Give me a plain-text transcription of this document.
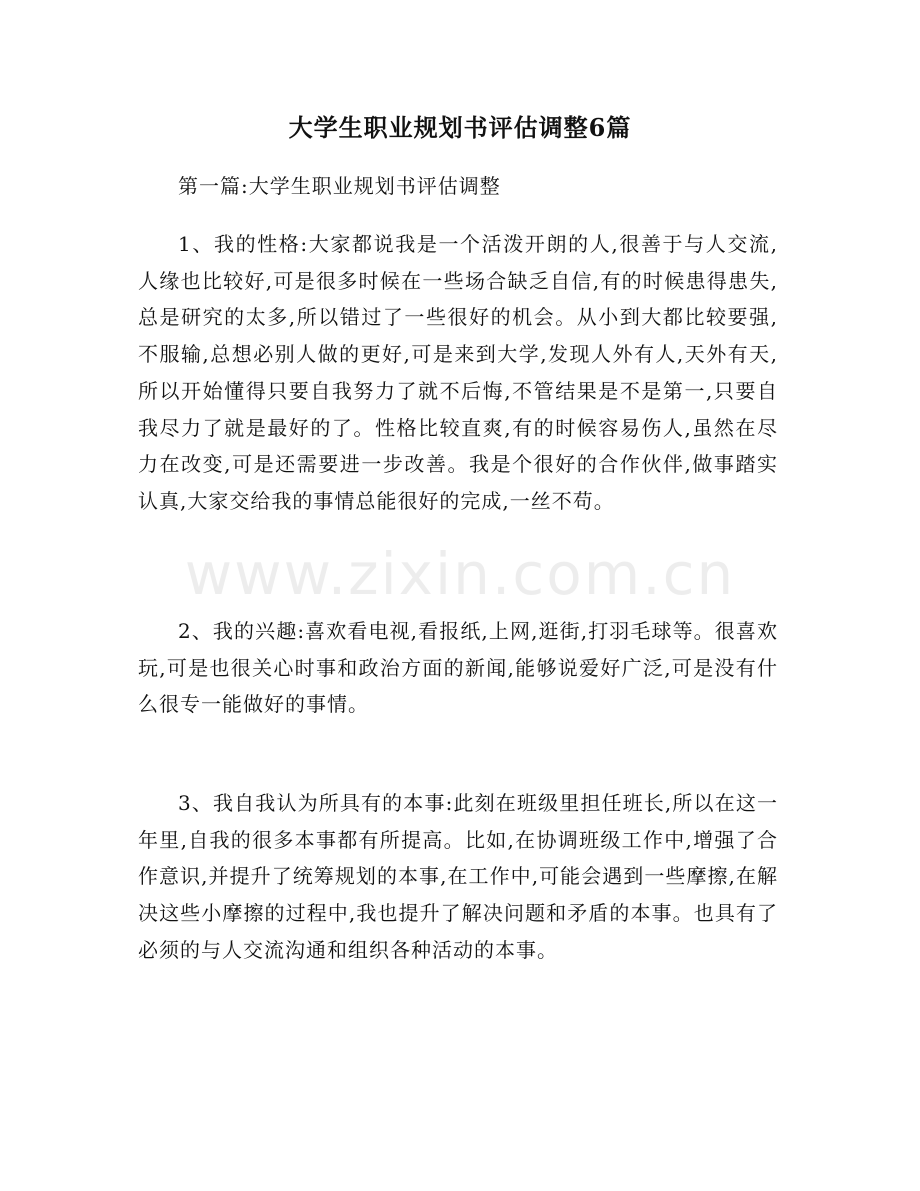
大学生职业规划书评估调整6篇
第一篇:大学生职业规划书评估调整
1、我的性格:大家都说我是一个活泼开朗的人,很善于与人交流,人缘也比较好,可是很多时候在一些场合缺乏自信,有的时候患得患失,总是研究的太多,所以错过了一些很好的机会。从小到大都比较要强,不服输,总想必别人做的更好,可是来到大学,发现人外有人,天外有天,所以开始懂得只要自我努力了就不后悔,不管结果是不是第一,只要自我尽力了就是最好的了。性格比较直爽,有的时候容易伤人,虽然在尽力在改变,可是还需要进一步改善。我是个很好的合作伙伴,做事踏实认真,大家交给我的事情总能很好的完成,一丝不苟。
2、我的兴趣:喜欢看电视,看报纸,上网,逛街,打羽毛球等。很喜欢玩,可是也很关心时事和政治方面的新闻,能够说爱好广泛,可是没有什么很专一能做好的事情。
3、我自我认为所具有的本事:此刻在班级里担任班长,所以在这一年里,自我的很多本事都有所提高。比如,在协调班级工作中,增强了合作意识,并提升了统筹规划的本事,在工作中,可能会遇到一些摩擦,在解决这些小摩擦的过程中,我也提升了解决问题和矛盾的本事。也具有了必须的与人交流沟通和组织各种活动的本事。
www.zixin.com.cn
